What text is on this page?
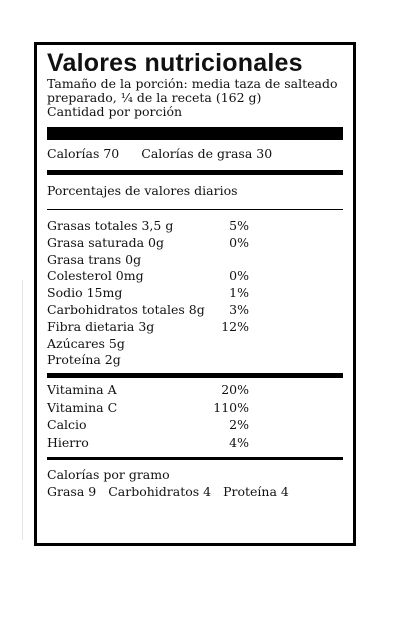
Valores nutricionales
Tamaño de la porción: media taza de salteado
preparado, ¼ de la receta (162 g)
Cantidad por porción
Calorías 70 Calorías de grasa 30
Porcentajes de valores diarios
Grasas totales 3,5 g	5%
Grasa saturada 0g	0%
Grasa trans 0g
Colesterol 0mg	0%
Sodio 15mg	1%
Carbohidratos totales 8g	3%
Fibra dietaria 3g	12%
Azúcares 5g
Proteína 2g
Vitamina A	20%
Vitamina C	110%
Calcio	2%
Hierro	4%
Calorías por gramo
Grasa 9 Carbohidratos 4 Proteína 4
